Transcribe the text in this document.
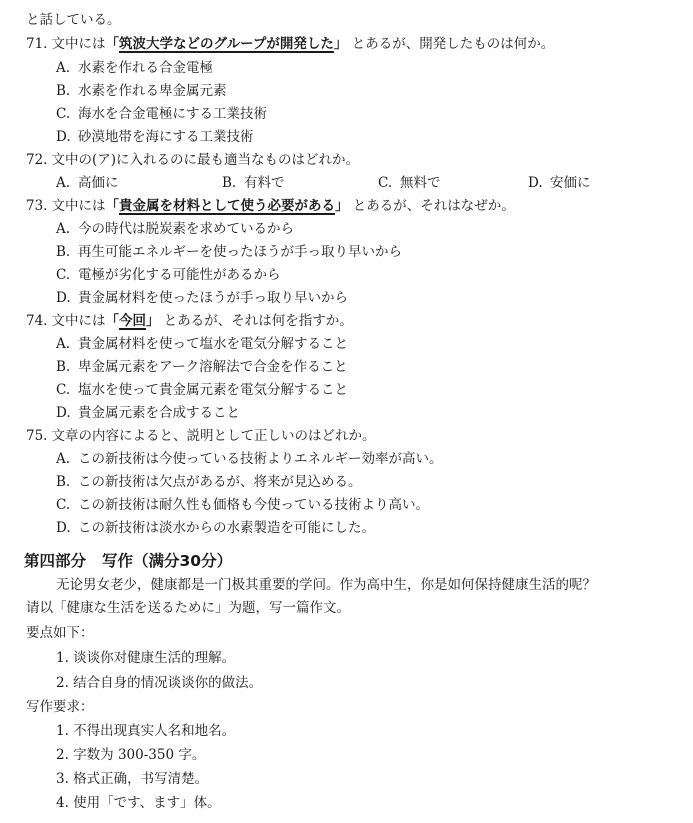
と話している。
71. 文中には「筑波大学などのグループが開発した」 とあるが、開発したものは何か。
A. 水素を作れる合金電極
B. 水素を作れる卑金属元素
C. 海水を合金電極にする工業技術
D. 砂漠地帯を海にする工業技術
72. 文中の(ア)に入れるのに最も適当なものはどれか。
A. 高価に	B. 有料で	C. 無料で	D. 安価に
73. 文中には「貴金属を材料として使う必要がある」 とあるが、それはなぜか。
A. 今の時代は脱炭素を求めているから
B. 再生可能エネルギーを使ったほうが手っ取り早いから
C. 電極が劣化する可能性があるから
D. 貴金属材料を使ったほうが手っ取り早いから
74. 文中には「今回」 とあるが、それは何を指すか。
A. 貴金属材料を使って塩水を電気分解すること
B. 卑金属元素をアーク溶解法で合金を作ること
C. 塩水を使って貴金属元素を電気分解すること
D. 貴金属元素を合成すること
75. 文章の内容によると、説明として正しいのはどれか。
A. この新技術は今使っている技術よりエネルギー効率が高い。
B. この新技術は欠点があるが、将来が見込める。
C. この新技術は耐久性も価格も今使っている技術より高い。
D. この新技術は淡水からの水素製造を可能にした。
第四部分 写作（满分30分）
无论男女老少，健康都是一门极其重要的学问。作为高中生，你是如何保持健康生活的呢？
请以「健康な生活を送るために」为题，写一篇作文。
要点如下：
1. 谈谈你对健康生活的理解。
2. 结合自身的情况谈谈你的做法。
写作要求：
1. 不得出现真实人名和地名。
2. 字数为 300-350 字。
3. 格式正确，书写清楚。
4. 使用「です、ます」体。
